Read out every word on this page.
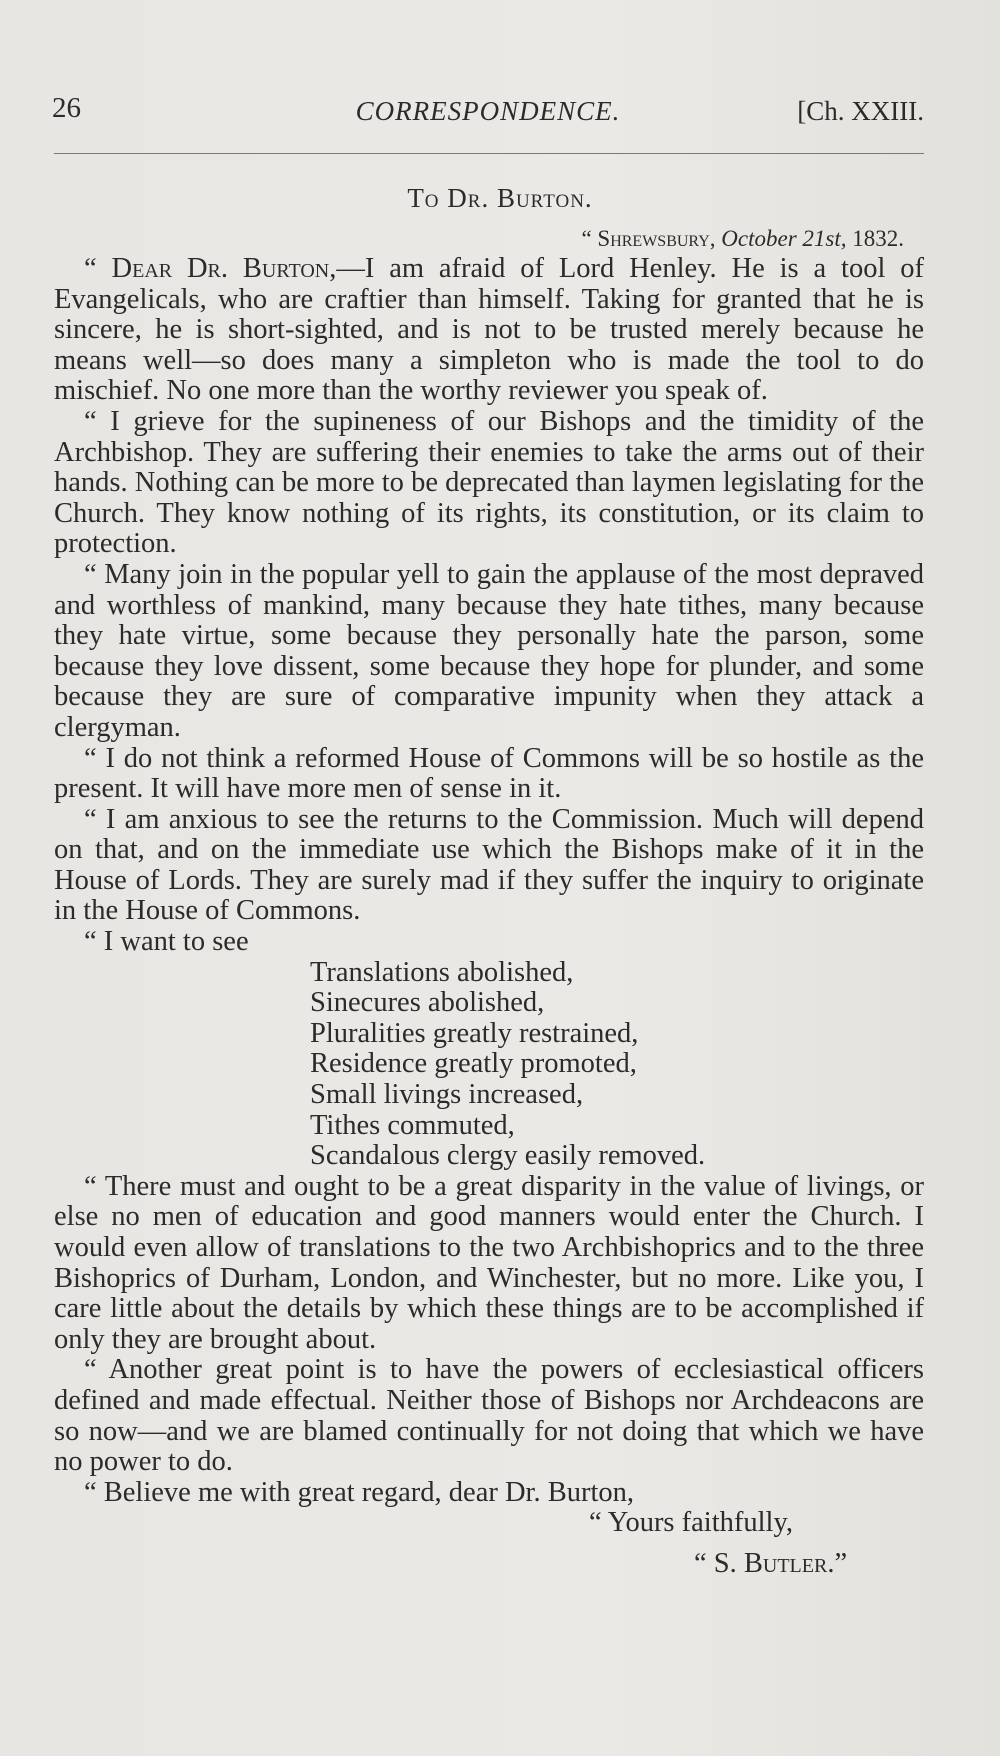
26	CORRESPONDENCE.	[Ch. XXIII.
To Dr. Burton.
“ Shrewsbury, October 21st, 1832.

“ Dear Dr. Burton,—I am afraid of Lord Henley. He is a tool of Evangelicals, who are craftier than himself. Taking for granted that he is sincere, he is short-sighted, and is not to be trusted merely because he means well—so does many a simpleton who is made the tool to do mischief. No one more than the worthy reviewer you speak of.

“ I grieve for the supineness of our Bishops and the timidity of the Archbishop. They are suffering their enemies to take the arms out of their hands. Nothing can be more to be deprecated than laymen legislating for the Church. They know nothing of its rights, its constitution, or its claim to protection.

“ Many join in the popular yell to gain the applause of the most depraved and worthless of mankind, many because they hate tithes, many because they hate virtue, some because they personally hate the parson, some because they love dissent, some because they hope for plunder, and some because they are sure of comparative impunity when they attack a clergyman.

“ I do not think a reformed House of Commons will be so hostile as the present. It will have more men of sense in it.

“ I am anxious to see the returns to the Commission. Much will depend on that, and on the immediate use which the Bishops make of it in the House of Lords. They are surely mad if they suffer the inquiry to originate in the House of Commons.

“ I want to see

Translations abolished,
Sinecures abolished,
Pluralities greatly restrained,
Residence greatly promoted,
Small livings increased,
Tithes commuted,
Scandalous clergy easily removed.

“ There must and ought to be a great disparity in the value of livings, or else no men of education and good manners would enter the Church. I would even allow of translations to the two Archbishoprics and to the three Bishoprics of Durham, London, and Winchester, but no more. Like you, I care little about the details by which these things are to be accomplished if only they are brought about.

“ Another great point is to have the powers of ecclesiastical officers defined and made effectual. Neither those of Bishops nor Archdeacons are so now—and we are blamed continually for not doing that which we have no power to do.

“ Believe me with great regard, dear Dr. Burton,

“ Yours faithfully,

“ S. Butler.”
